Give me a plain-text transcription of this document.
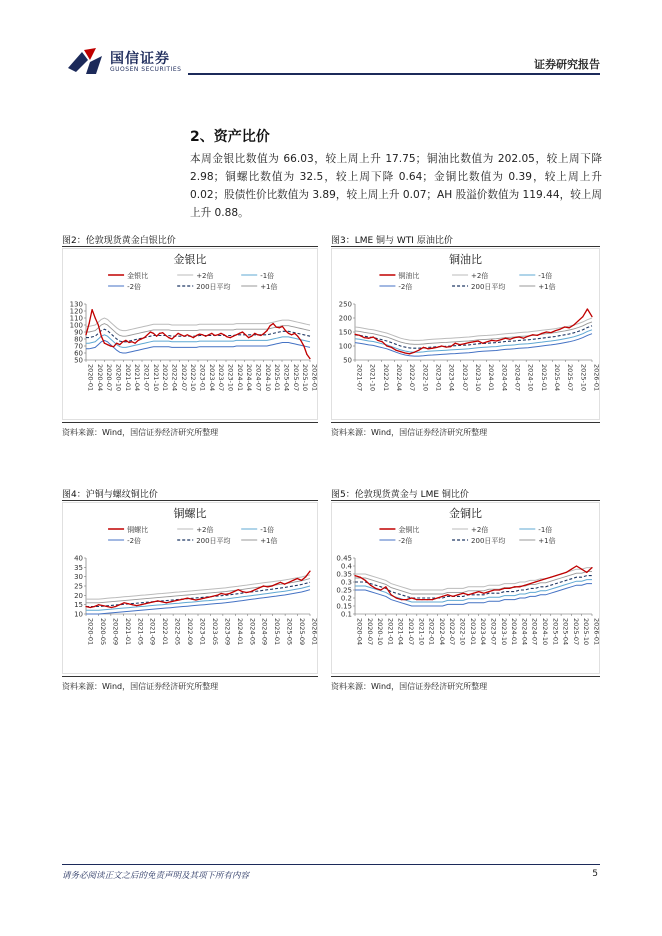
国信证券
GUOSEN SECURITIES	证券研究报告
2、资产比价
本周金银比数值为 66.03，较上周上升 17.75；铜油比数值为 202.05，较上周下降 2.98；铜螺比数值为 32.5，较上周下降 0.64；金铜比数值为 0.39，较上周上升 0.02；股债性价比数值为 3.89，较上周上升 0.07；AH 股溢价数值为 119.44，较上周上升 0.88。
图2：伦敦现货黄金白银比价
金银比
金银比	+2倍	-1倍
-2倍	200日平均	+1倍
50
60
70
80
90
100
110
120
130
2020-01 2020-04 2020-07 2020-10 2021-01 2021-04 2021-07 2021-10 2022-01 2022-04 2022-07 2022-10 2023-01 2023-04 2023-07 2023-10 2024-01 2024-04 2024-07 2024-10 2025-01 2025-04 2025-07 2025-10 2026-01
资料来源：Wind，国信证券经济研究所整理
图3：LME 铜与 WTI 原油比价
铜油比
铜油比	+2倍	-1倍
-2倍	200日平均	+1倍
50
100
150
200
250
2021-07 2021-10 2022-01 2022-04 2022-07 2022-10 2023-01 2023-04 2023-07 2023-10 2024-01 2024-04 2024-07 2024-10 2025-01 2025-04 2025-07 2025-10 2026-01
资料来源：Wind，国信证券经济研究所整理
图4：沪铜与螺纹铜比价
铜螺比
铜螺比	+2倍	-1倍
-2倍	200日平均	+1倍
10
15
20
25
30
35
40
2020-01 2020-05 2020-09 2021-01 2021-05 2021-09 2022-01 2022-05 2022-09 2023-01 2023-05 2023-09 2024-01 2024-05 2024-09 2025-01 2025-05 2025-09 2026-01
资料来源：Wind，国信证券经济研究所整理
图5：伦敦现货黄金与 LME 铜比价
金铜比
金铜比	+2倍	-1倍
-2倍	200日平均	+1倍
0.1
0.15
0.2
0.25
0.3
0.35
0.4
0.45
2020-04 2020-07 2020-10 2021-01 2021-04 2021-07 2021-10 2022-01 2022-04 2022-07 2022-10 2023-01 2023-04 2023-07 2023-10 2024-01 2024-04 2024-07 2024-10 2025-01 2025-04 2025-07 2025-10 2026-01
资料来源：Wind，国信证券经济研究所整理
请务必阅读正文之后的免责声明及其项下所有内容	5
